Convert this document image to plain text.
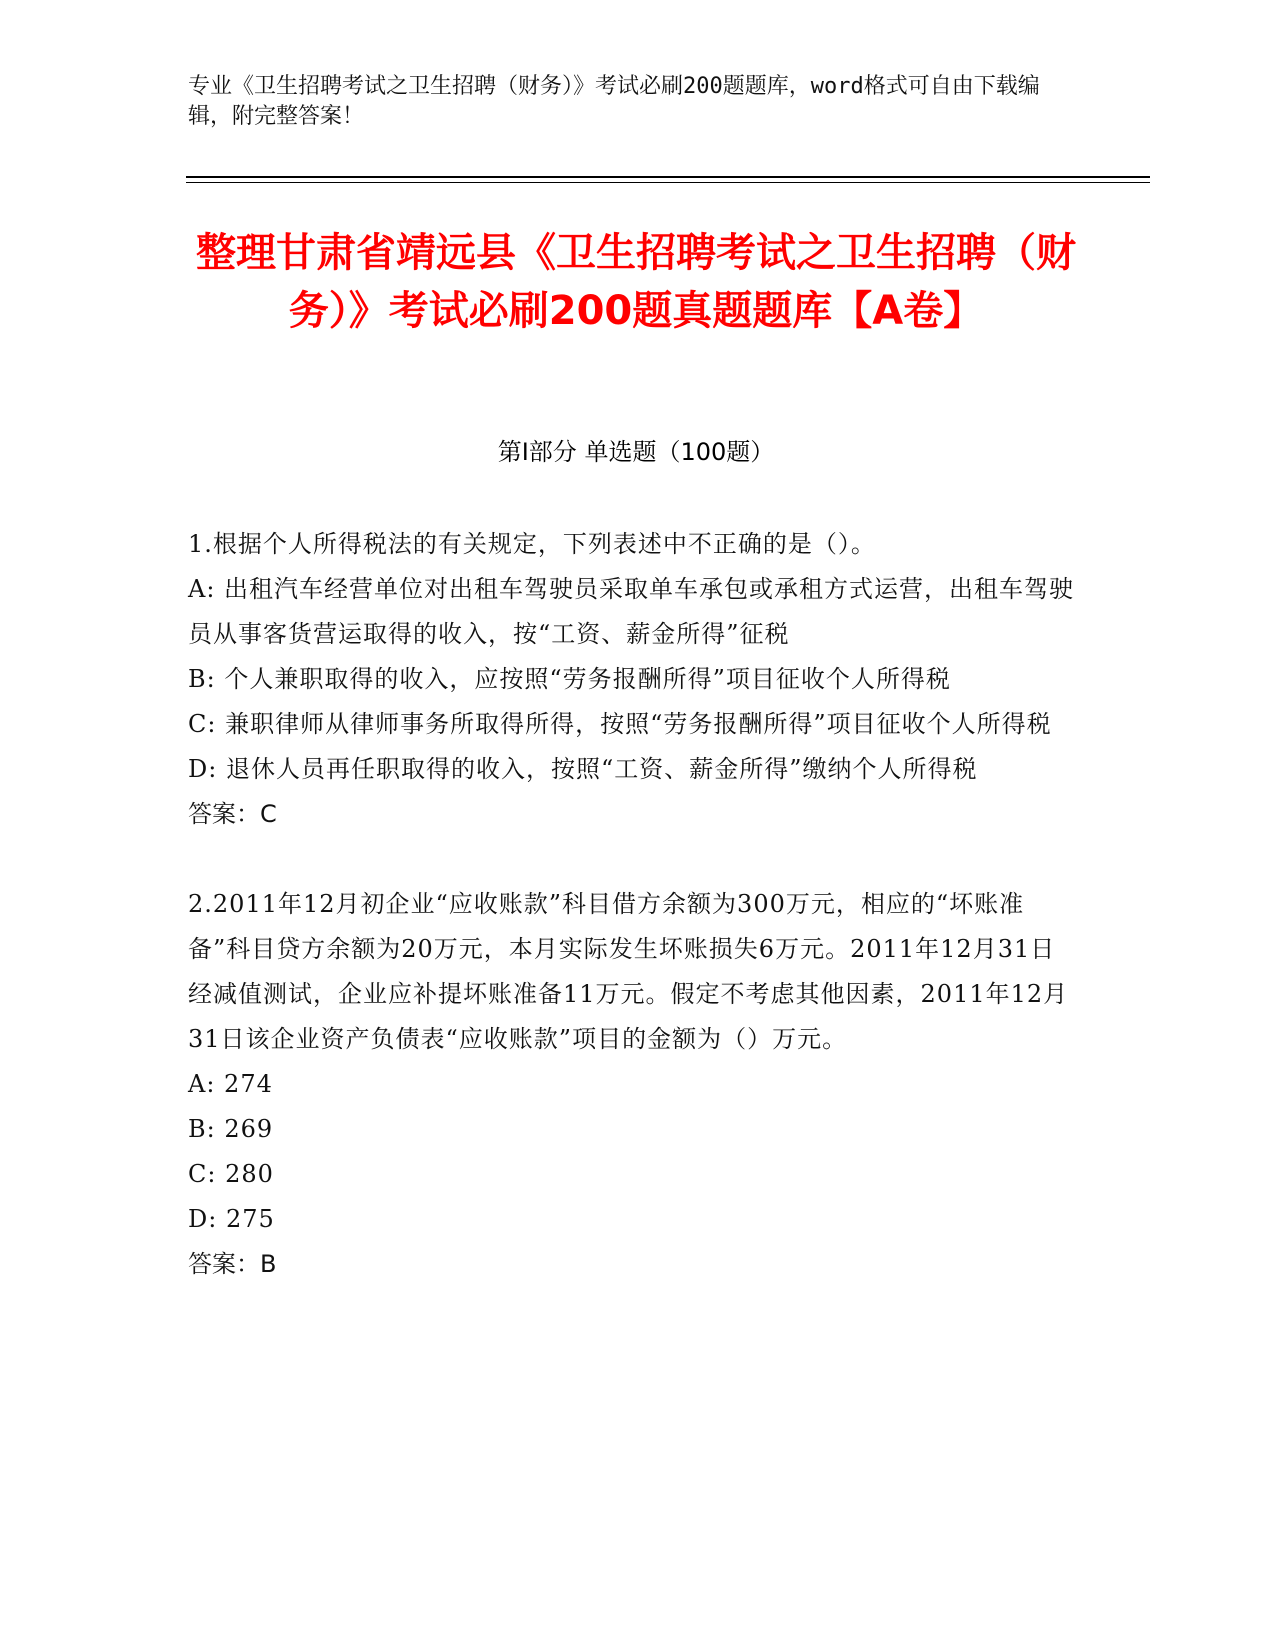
专业《卫生招聘考试之卫生招聘（财务）》考试必刷200题题库，word格式可自由下载编辑，附完整答案！
整理甘肃省靖远县《卫生招聘考试之卫生招聘（财务）》考试必刷200题真题题库【A卷】
第I部分 单选题（100题）

1.根据个人所得税法的有关规定，下列表述中不正确的是（）。

A: 出租汽车经营单位对出租车驾驶员采取单车承包或承租方式运营，出租车驾驶员从事客货营运取得的收入，按“工资、薪金所得”征税

B: 个人兼职取得的收入，应按照“劳务报酬所得”项目征收个人所得税

C: 兼职律师从律师事务所取得所得，按照“劳务报酬所得”项目征收个人所得税

D: 退休人员再任职取得的收入，按照“工资、薪金所得”缴纳个人所得税

答案：C

2.2011年12月初企业“应收账款”科目借方余额为300万元，相应的“坏账准备”科目贷方余额为20万元，本月实际发生坏账损失6万元。2011年12月31日经减值测试，企业应补提坏账准备11万元。假定不考虑其他因素，2011年12月31日该企业资产负债表“应收账款”项目的金额为（）万元。

A: 274

B: 269

C: 280

D: 275

答案：B
